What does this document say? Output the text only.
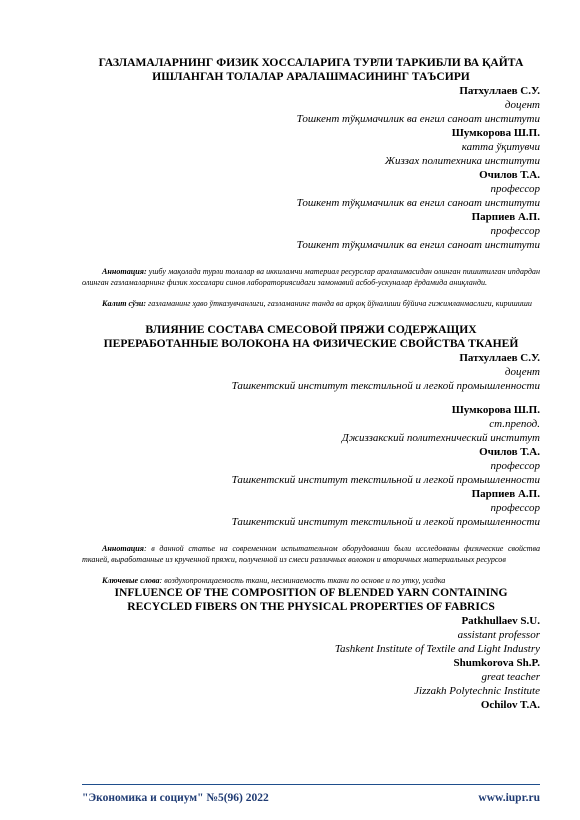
ГАЗЛАМАЛАРНИНГ ФИЗИК ХОССАЛАРИГА ТУРЛИ ТАРКИБЛИ ВА ҚАЙТА

ИШЛАНГАН ТОЛАЛАР АРАЛАШМАСИНИНГ ТАЪСИРИ

Патхуллаев С.У.

доцент

Тошкент тўқимачилик ва енгил саноат институти

Шумкорова Ш.П.

катта ўқитувчи

Жиззах политехника институти

Очилов Т.А.

профессор

Тошкент тўқимачилик ва енгил саноат институти

Парпиев А.П.

профессор

Тошкент тўқимачилик ва енгил саноат институти

Аннотация: ушбу мақолада турли толалар ва иккиламчи материал ресурслар аралашмасидан олинган пишитилган ипдардан олинган газламаларнинг физик хоссалари синов лабораториясидаги замонавий асбоб-ускуналар ёрдамида аниқланди.

Калит сўзи: газламанинг ҳаво ўтказувчанлиги, газламанинг танда ва арқоқ йўналиши бўйича гижимланмаслиги, киришиши

ВЛИЯНИЕ СОСТАВА СМЕСОВОЙ ПРЯЖИ СОДЕРЖАЩИХ

ПЕРЕРАБОТАННЫЕ ВОЛОКОНА НА ФИЗИЧЕСКИЕ СВОЙСТВА ТКАНЕЙ

Патхуллаев С.У.

доцент

Ташкентский институт текстильной и легкой промышленности

Шумкорова Ш.П.

ст.препод.

Джиззакский политехнический институт

Очилов Т.А.

профессор

Ташкентский институт текстильной и легкой промышленности

Парпиев А.П.

профессор

Ташкентский институт текстильной и легкой промышленности

Аннотация: в данной статье на современном испытательном оборудовании были исследованы физические свойства тканей, выработанные из крученной пряжи, полученной из смеси различных волокон и вторичных материальных ресурсов

Ключевые слова: воздухопроницаемость ткани, несминаемость ткани по основе и по утку, усадка

INFLUENCE OF THE COMPOSITION OF BLENDED YARN CONTAINING

RECYCLED FIBERS ON THE PHYSICAL PROPERTIES OF FABRICS

Patkhullaev S.U.

assistant professor

Tashkent Institute of Textile and Light Industry

Shumkorova Sh.P.

great teacher

Jizzakh Polytechnic Institute

Ochilov T.A.

"Экономика и социум" №5(96) 2022	www.iupr.ru
